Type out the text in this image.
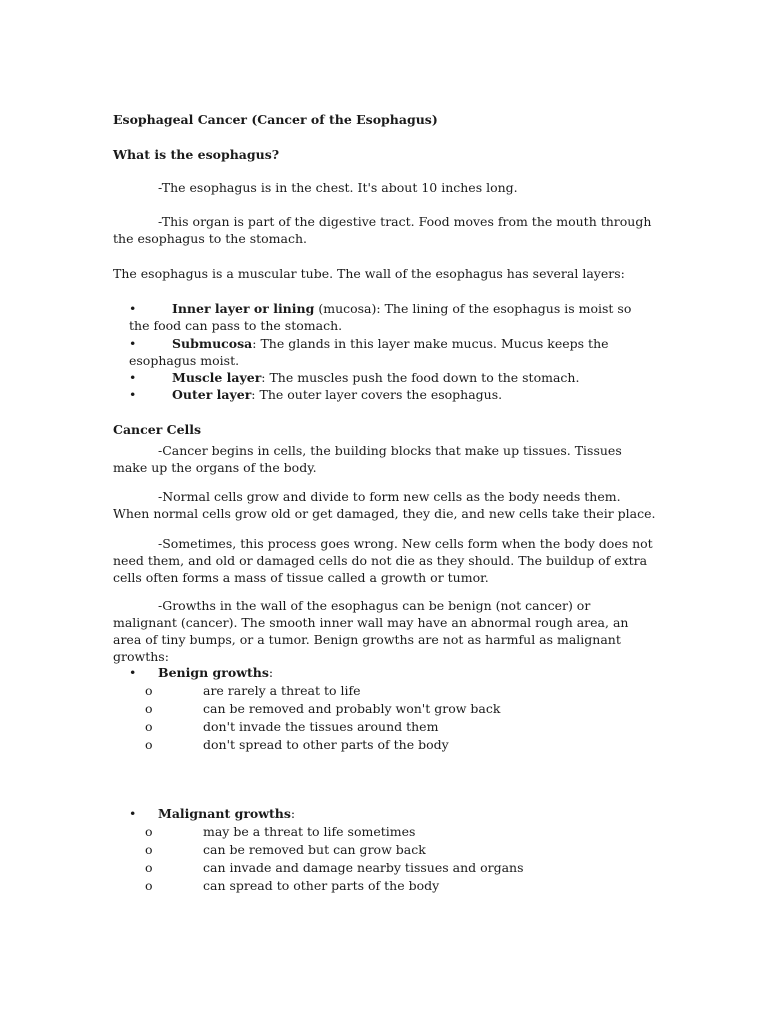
Esophageal Cancer (Cancer of the Esophagus)
What is the esophagus?
-The esophagus is in the chest. It's about 10 inches long.
-This organ is part of the digestive tract. Food moves from the mouth through the esophagus to the stomach.
The esophagus is a muscular tube. The wall of the esophagus has several layers:
•	Inner layer or lining (mucosa): The lining of the esophagus is moist so the food can pass to the stomach.
•	Submucosa: The glands in this layer make mucus. Mucus keeps the esophagus moist.
•	Muscle layer: The muscles push the food down to the stomach.
•	Outer layer: The outer layer covers the esophagus.
Cancer Cells
-Cancer begins in cells, the building blocks that make up tissues. Tissues make up the organs of the body.
-Normal cells grow and divide to form new cells as the body needs them. When normal cells grow old or get damaged, they die, and new cells take their place.
-Sometimes, this process goes wrong. New cells form when the body does not need them, and old or damaged cells do not die as they should. The buildup of extra cells often forms a mass of tissue called a growth or tumor.
-Growths in the wall of the esophagus can be benign (not cancer) or malignant (cancer). The smooth inner wall may have an abnormal rough area, an area of tiny bumps, or a tumor. Benign growths are not as harmful as malignant growths:
• Benign growths:
o	are rarely a threat to life
o	can be removed and probably won't grow back
o	don't invade the tissues around them
o	don't spread to other parts of the body
• Malignant growths:
o	may be a threat to life sometimes
o	can be removed but can grow back
o	can invade and damage nearby tissues and organs
o	can spread to other parts of the body
